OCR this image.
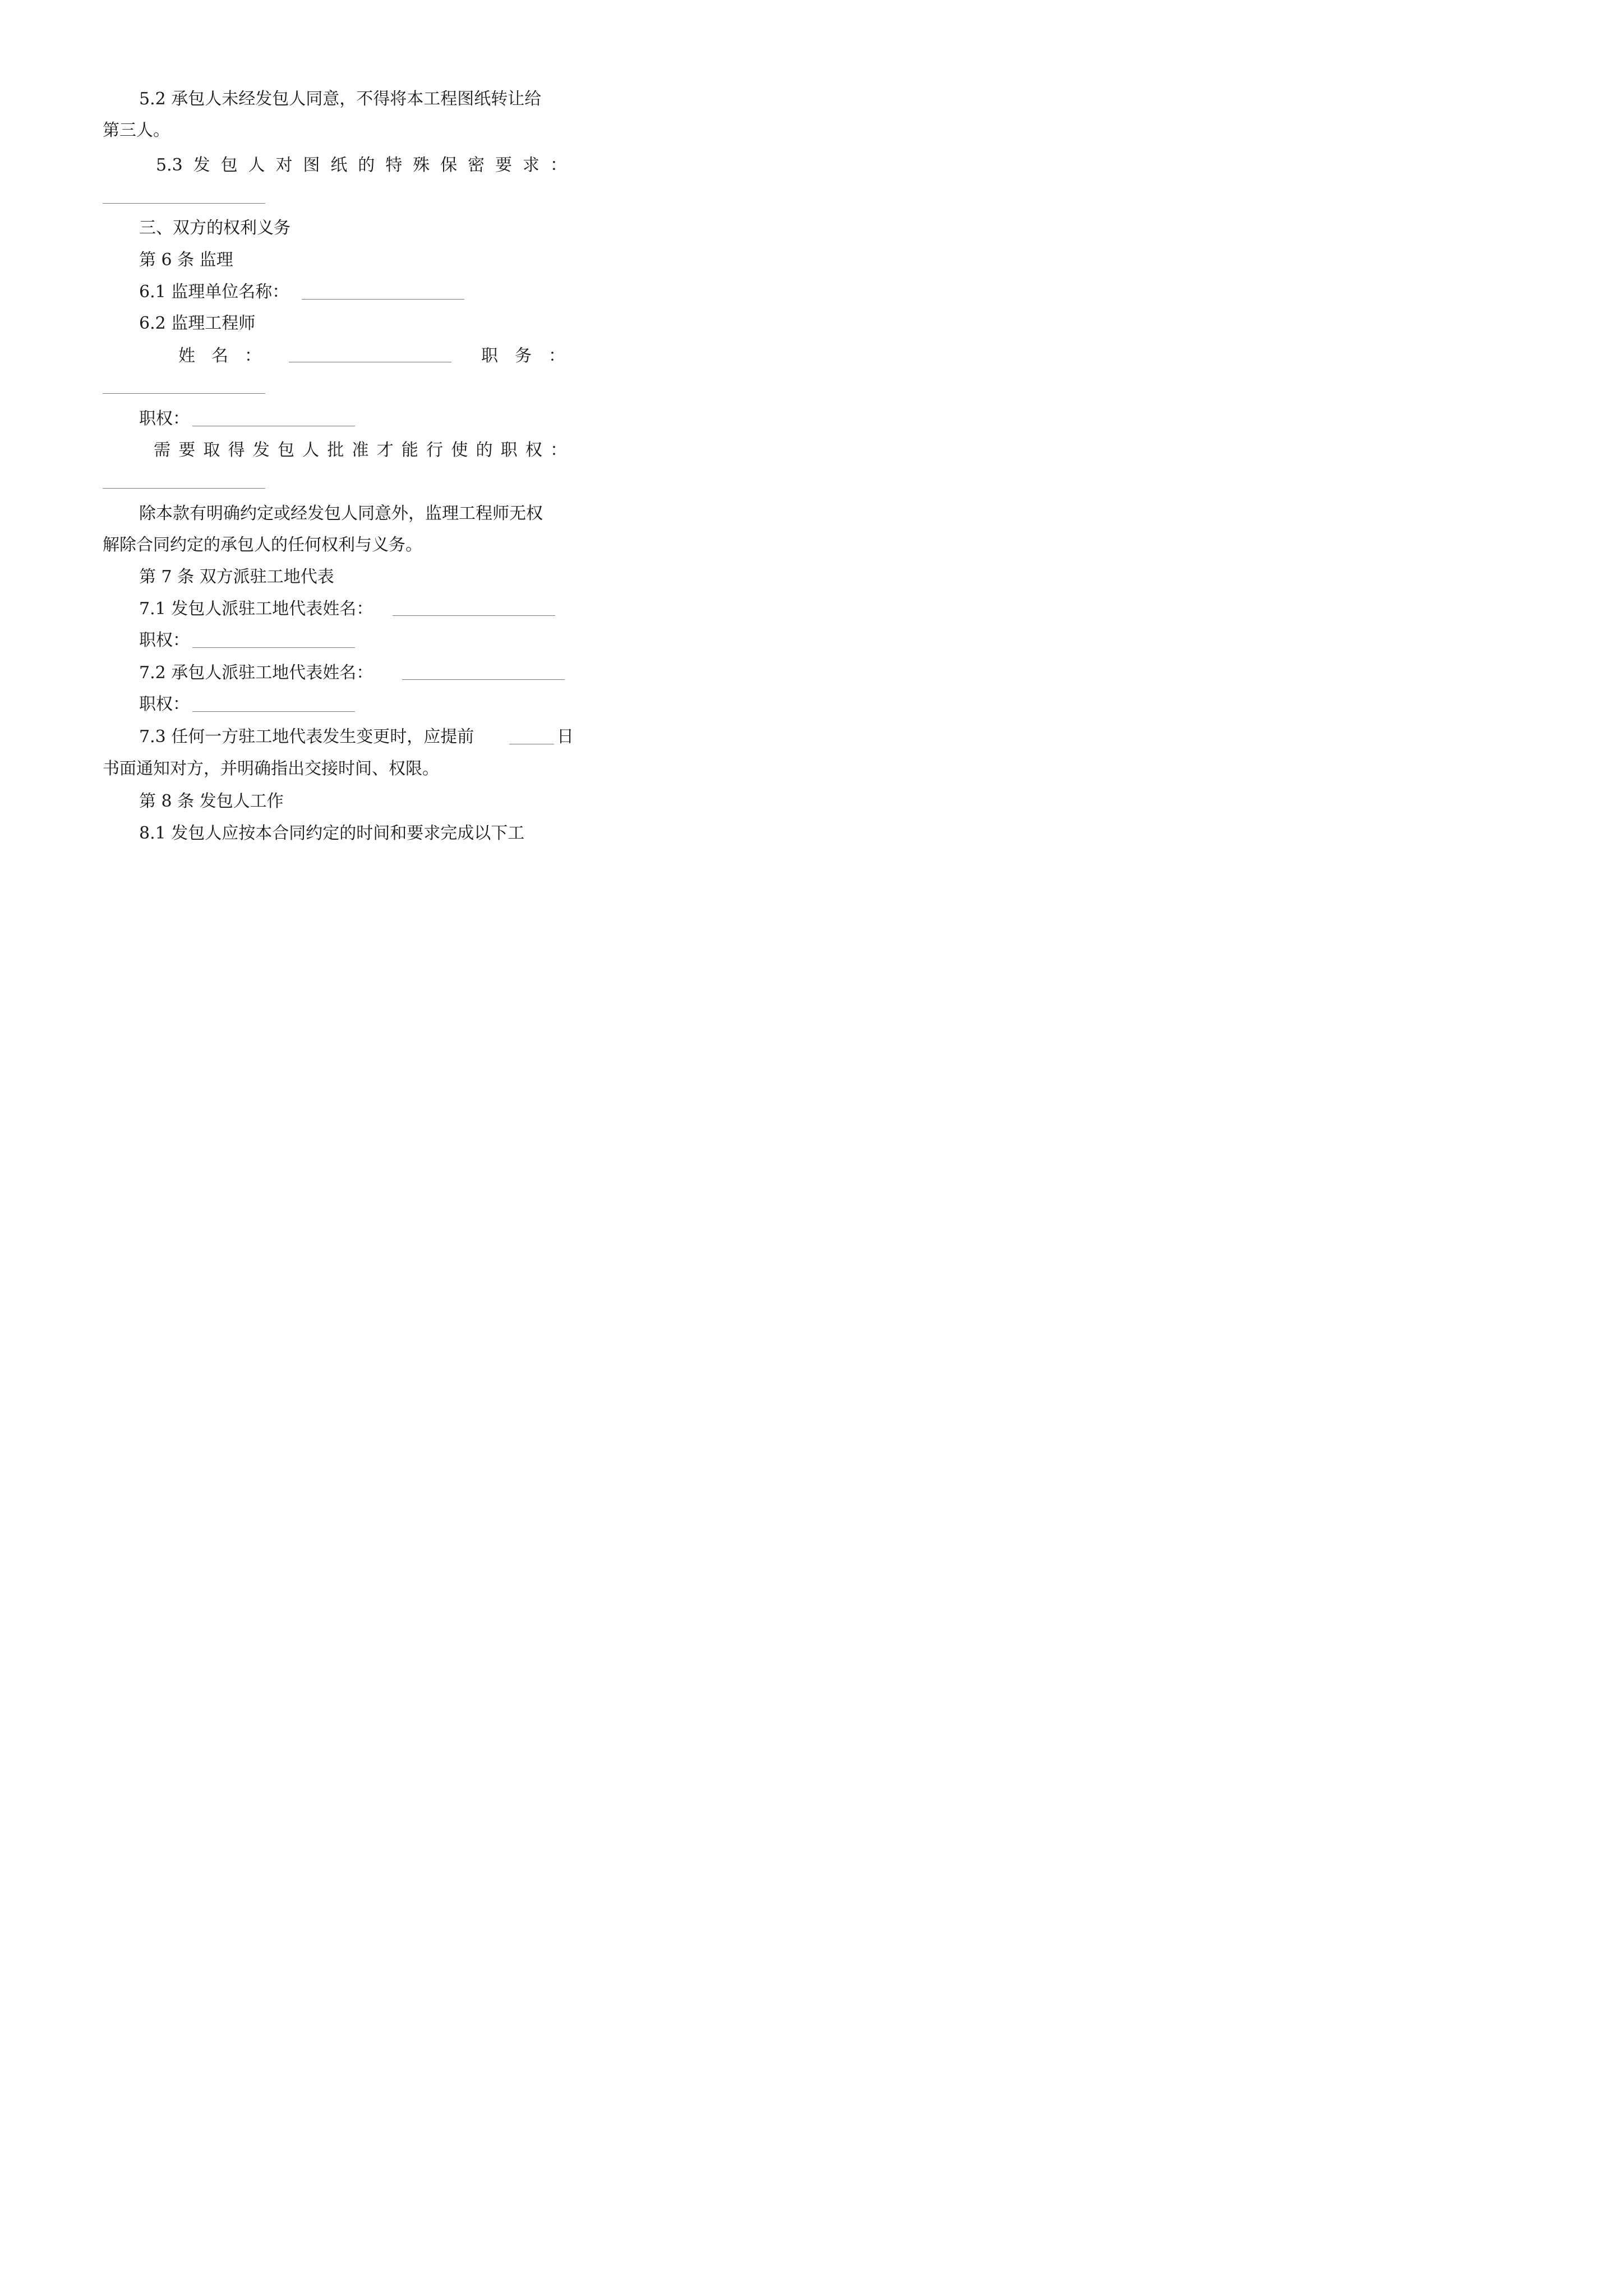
5.2 承包人未经发包人同意，不得将本工程图纸转让给
第三人。
5.3 发 包 人 对 图 纸 的 特 殊 保 密 要 求 ：
三、双方的权利义务
第 6 条 监理
6.1 监理单位名称：
6.2 监理工程师
姓 名 ：	职 务 ：
职权：
需 要 取 得 发 包 人 批 准 才 能 行 使 的 职 权 ：
除本款有明确约定或经发包人同意外，监理工程师无权
解除合同约定的承包人的任何权利与义务。
第 7 条 双方派驻工地代表
7.1 发包人派驻工地代表姓名：
职权：
7.2 承包人派驻工地代表姓名：
职权：
7.3 任何一方驻工地代表发生变更时，应提前	日
书面通知对方，并明确指出交接时间、权限。
第 8 条 发包人工作
8.1 发包人应按本合同约定的时间和要求完成以下工
